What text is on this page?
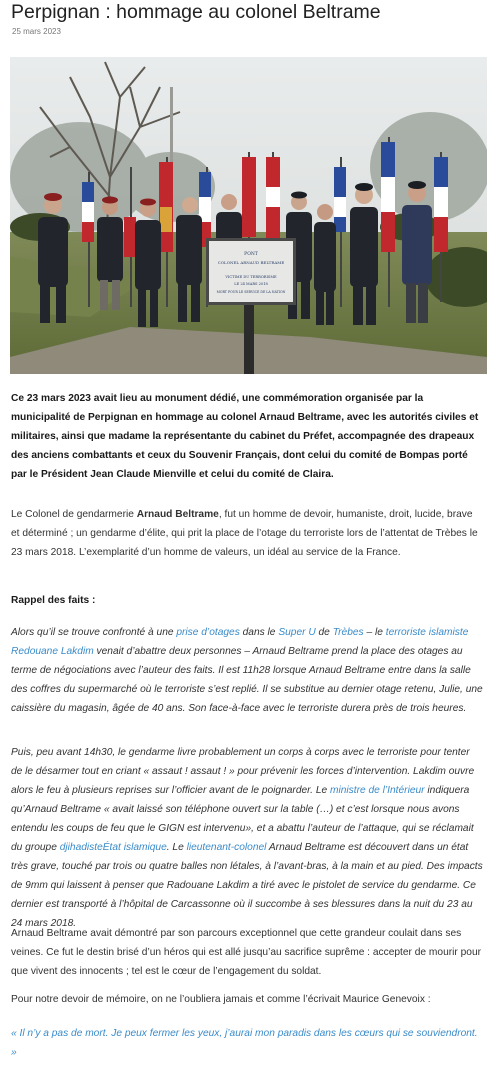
Perpignan : hommage au colonel Beltrame
25 mars 2023
PONT
COLONEL ARNAUD BELTRAME
VICTIME DU TERRORISME
LE 24 MARS 2018
MORT POUR LE SERVICE DE LA NATION

Ce 23 mars 2023 avait lieu au monument dédié, une commémoration organisée par la municipalité de Perpignan en hommage au colonel Arnaud Beltrame, avec les autorités civiles et militaires, ainsi que madame la représentante du cabinet du Préfet, accompagnée des drapeaux des anciens combattants et ceux du Souvenir Français, dont celui du comité de Bompas porté par le Président Jean Claude Mienville et celui du comité de Claira.

Le Colonel de gendarmerie Arnaud Beltrame, fut un homme de devoir, humaniste, droit, lucide, brave et déterminé ; un gendarme d’élite, qui prit la place de l’otage du terroriste lors de l’attentat de Trèbes le 23 mars 2018. L’exemplarité d’un homme de valeurs, un idéal au service de la France.

Rappel des faits :

Alors qu’il se trouve confronté à une prise d’otages dans le Super U de Trèbes – le terroriste islamiste Redouane Lakdim venait d’abattre deux personnes – Arnaud Beltrame prend la place des otages au terme de négociations avec l’auteur des faits. Il est 11h28 lorsque Arnaud Beltrame entre dans la salle des coffres du supermarché où le terroriste s’est replié. Il se substitue au dernier otage retenu, Julie, une caissière du magasin, âgée de 40 ans. Son face-à-face avec le terroriste durera près de trois heures.

Puis, peu avant 14h30, le gendarme livre probablement un corps à corps avec le terroriste pour tenter de le désarmer tout en criant « assaut ! assaut ! » pour prévenir les forces d’intervention. Lakdim ouvre alors le feu à plusieurs reprises sur l’officier avant de le poignarder. Le ministre de l’Intérieur indiquera qu’Arnaud Beltrame « avait laissé son téléphone ouvert sur la table (…) et c’est lorsque nous avons entendu les coups de feu que le GIGN est intervenu», et a abattu l’auteur de l’attaque, qui se réclamait du groupe djihadisteÉtat islamique. Le lieutenant-colonel Arnaud Beltrame est découvert dans un état très grave, touché par trois ou quatre balles non létales, à l’avant-bras, à la main et au pied. Des impacts de 9mm qui laissent à penser que Radouane Lakdim a tiré avec le pistolet de service du gendarme. Ce dernier est transporté à l’hôpital de Carcassonne où il succombe à ses blessures dans la nuit du 23 au 24 mars 2018.

Arnaud Beltrame avait démontré par son parcours exceptionnel que cette grandeur coulait dans ses veines. Ce fut le destin brisé d’un héros qui est allé jusqu’au sacrifice suprême : accepter de mourir pour que vivent des innocents ; tel est le cœur de l’engagement du soldat.

Pour notre devoir de mémoire, on ne l’oubliera jamais et comme l’écrivait Maurice Genevoix :

« Il n’y a pas de mort. Je peux fermer les yeux, j’aurai mon paradis dans les cœurs qui se souviendront. »
